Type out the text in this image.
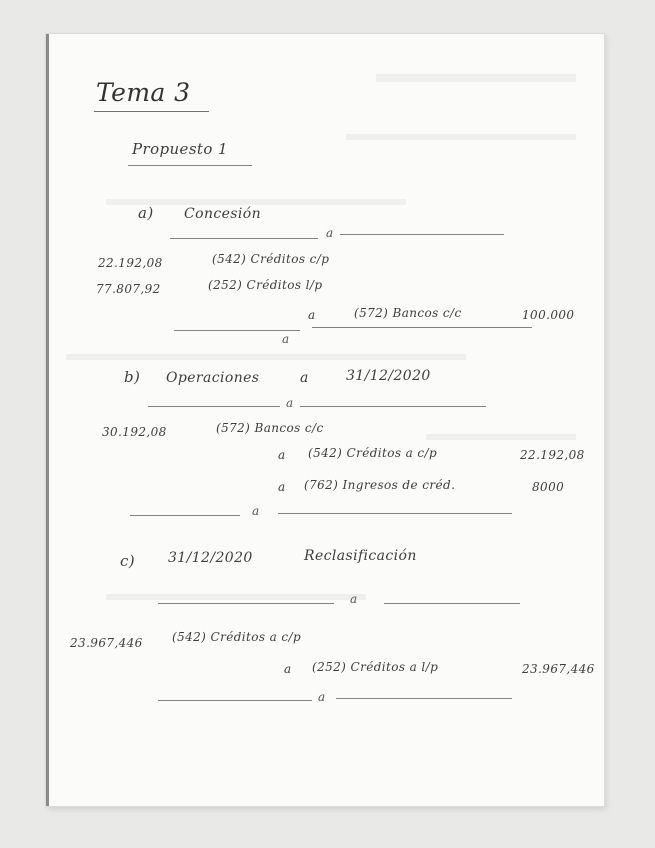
Tema 3
Propuesto 1
a) Concesión
a
22.192,08	(542) Créditos c/p
77.807,92	(252) Créditos l/p
a
a	(572) Bancos c/c	100.000
b) Operaciones	a	31/12/2020
a
30.192,08	(572) Bancos c/c
a (542) Créditos a c/p	22.192,08
a (762) Ingresos de créd.	8000
a
c) 31/12/2020	Reclasificación
a
23.967,446 (542) Créditos a c/p
a (252) Créditos a l/p	23.967,446
a
